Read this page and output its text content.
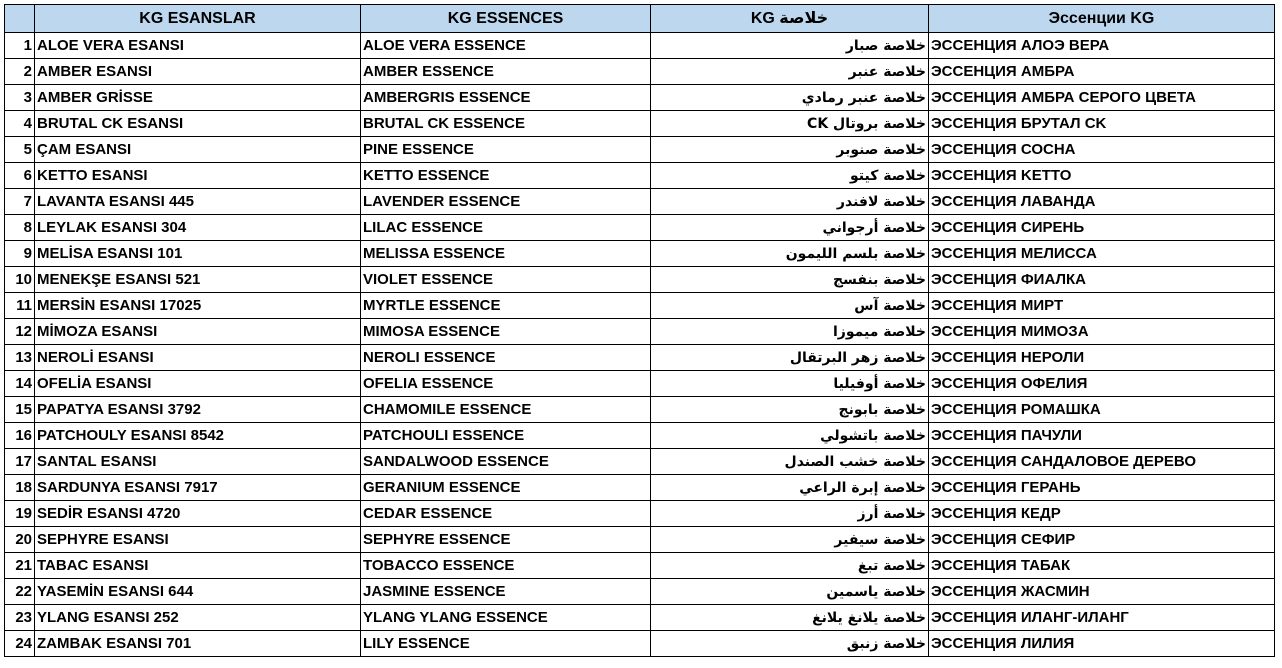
	KG ESANSLAR	KG ESSENCES	KG خلاصة	Эссенции KG
1	ALOE VERA ESANSI	ALOE VERA ESSENCE	خلاصة صبار	ЭССЕНЦИЯ АЛОЭ ВЕРА
2	AMBER ESANSI	AMBER ESSENCE	خلاصة عنبر	ЭССЕНЦИЯ АМБРА
3	AMBER GRİSSE	AMBERGRIS ESSENCE	خلاصة عنبر رمادي	ЭССЕНЦИЯ АМБРА СЕРОГО ЦВЕТА
4	BRUTAL CK ESANSI	BRUTAL CK ESSENCE	خلاصة بروتال CK	ЭССЕНЦИЯ БРУТАЛ CK
5	ÇAM ESANSI	PINE ESSENCE	خلاصة صنوبر	ЭССЕНЦИЯ СОСНА
6	KETTO ESANSI	KETTO ESSENCE	خلاصة كيتو	ЭССЕНЦИЯ KETTO
7	LAVANTA ESANSI 445	LAVENDER ESSENCE	خلاصة لافندر	ЭССЕНЦИЯ ЛАВАНДА
8	LEYLAK ESANSI 304	LILAC ESSENCE	خلاصة أرجواني	ЭССЕНЦИЯ СИРЕНЬ
9	MELİSA ESANSI 101	MELISSA ESSENCE	خلاصة بلسم الليمون	ЭССЕНЦИЯ МЕЛИССА
10	MENEKŞE ESANSI 521	VIOLET ESSENCE	خلاصة بنفسج	ЭССЕНЦИЯ ФИАЛКА
11	MERSİN ESANSI 17025	MYRTLE ESSENCE	خلاصة آس	ЭССЕНЦИЯ МИРТ
12	MİMOZA ESANSI	MIMOSA ESSENCE	خلاصة ميموزا	ЭССЕНЦИЯ МИМОЗА
13	NEROLİ ESANSI	NEROLI ESSENCE	خلاصة زهر البرتقال	ЭССЕНЦИЯ НЕРОЛИ
14	OFELİA ESANSI	OFELIA ESSENCE	خلاصة أوفيليا	ЭССЕНЦИЯ ОФЕЛИЯ
15	PAPATYA ESANSI 3792	CHAMOMILE ESSENCE	خلاصة بابونج	ЭССЕНЦИЯ РОМАШКА
16	PATCHOULY ESANSI 8542	PATCHOULI ESSENCE	خلاصة باتشولي	ЭССЕНЦИЯ ПАЧУЛИ
17	SANTAL ESANSI	SANDALWOOD ESSENCE	خلاصة خشب الصندل	ЭССЕНЦИЯ САНДАЛОВОЕ ДЕРЕВО
18	SARDUNYA ESANSI 7917	GERANIUM ESSENCE	خلاصة إبرة الراعي	ЭССЕНЦИЯ ГЕРАНЬ
19	SEDİR ESANSI 4720	CEDAR ESSENCE	خلاصة أرز	ЭССЕНЦИЯ КЕДР
20	SEPHYRE ESANSI	SEPHYRE ESSENCE	خلاصة سيفير	ЭССЕНЦИЯ СЕФИР
21	TABAC ESANSI	TOBACCO ESSENCE	خلاصة تبغ	ЭССЕНЦИЯ ТАБАК
22	YASEMİN ESANSI 644	JASMINE ESSENCE	خلاصة ياسمين	ЭССЕНЦИЯ ЖАСМИН
23	YLANG ESANSI 252	YLANG YLANG ESSENCE	خلاصة يلانغ يلانغ	ЭССЕНЦИЯ ИЛАНГ-ИЛАНГ
24	ZAMBAK ESANSI 701	LILY ESSENCE	خلاصة زنبق	ЭССЕНЦИЯ ЛИЛИЯ
